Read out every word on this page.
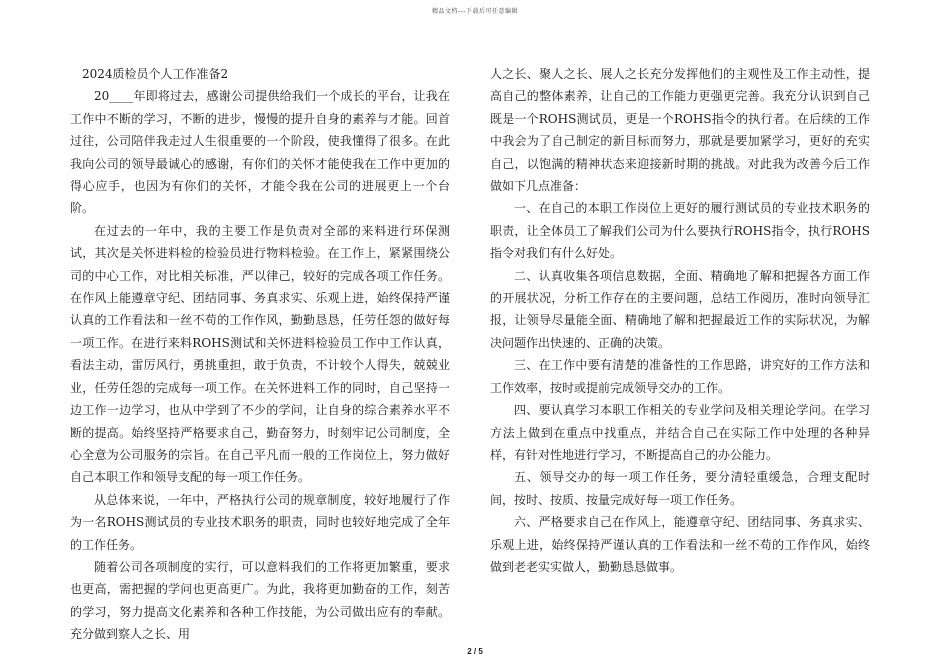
精品文档---下载后可任意编辑

2024质检员个人工作准备2

20____年即将过去，感谢公司提供给我们一个成长的平台，让我在工作中不断的学习，不断的进步，慢慢的提升自身的素养与才能。回首过往，公司陪伴我走过人生很重要的一个阶段，使我懂得了很多。在此我向公司的领导最诚心的感谢，有你们的关怀才能使我在工作中更加的得心应手，也因为有你们的关怀，才能令我在公司的进展更上一个台阶。

在过去的一年中，我的主要工作是负责对全部的来料进行环保测试，其次是关怀进料检的检验员进行物料检验。在工作上，紧紧围绕公司的中心工作，对比相关标准，严以律己，较好的完成各项工作任务。在作风上能遵章守纪、团结同事、务真求实、乐观上进，始终保持严谨认真的工作看法和一丝不苟的工作作风，勤勤恳恳，任劳任怨的做好每一项工作。在进行来料ROHS测试和关怀进料检验员工作中工作认真，看法主动，雷厉风行，勇挑重担，敢于负责，不计较个人得失，兢兢业业，任劳任怨的完成每一项工作。在关怀进料工作的同时，自己坚持一边工作一边学习，也从中学到了不少的学问，让自身的综合素养水平不断的提高。始终坚持严格要求自己，勤奋努力，时刻牢记公司制度，全心全意为公司服务的宗旨。在自己平凡而一般的工作岗位上，努力做好自己本职工作和领导支配的每一项工作任务。

从总体来说，一年中，严格执行公司的规章制度，较好地履行了作为一名ROHS测试员的专业技术职务的职责，同时也较好地完成了全年的工作任务。

随着公司各项制度的实行，可以意料我们的工作将更加繁重，要求也更高，需把握的学问也更高更广。为此，我将更加勤奋的工作，刻苦的学习，努力提高文化素养和各种工作技能，为公司做出应有的奉献。充分做到察人之长、用

人之长、聚人之长、展人之长充分发挥他们的主观性及工作主动性，提高自己的整体素养，让自己的工作能力更强更完善。我充分认识到自己既是一个ROHS测试员，更是一个ROHS指令的执行者。在后续的工作中我会为了自己制定的新目标而努力，那就是要加紧学习，更好的充实自己，以饱满的精神状态来迎接新时期的挑战。对此我为改善今后工作做如下几点准备：

一、在自己的本职工作岗位上更好的履行测试员的专业技术职务的职责，让全体员工了解我们公司为什么要执行ROHS指令，执行ROHS指令对我们有什么好处。

二、认真收集各项信息数据，全面、精确地了解和把握各方面工作的开展状况，分析工作存在的主要问题，总结工作阅历，准时向领导汇报，让领导尽量能全面、精确地了解和把握最近工作的实际状况，为解决问题作出快速的、正确的决策。

三、在工作中要有清楚的准备性的工作思路，讲究好的工作方法和工作效率，按时或提前完成领导交办的工作。

四、要认真学习本职工作相关的专业学问及相关理论学问。在学习方法上做到在重点中找重点，并结合自己在实际工作中处理的各种异样，有针对性地进行学习，不断提高自己的办公能力。

五、领导交办的每一项工作任务，要分清轻重缓急，合理支配时间，按时、按质、按量完成好每一项工作任务。

六、严格要求自己在作风上，能遵章守纪、团结同事、务真求实、乐观上进，始终保持严谨认真的工作看法和一丝不苟的工作作风，始终做到老老实实做人，勤勤恳恳做事。

2 / 5
